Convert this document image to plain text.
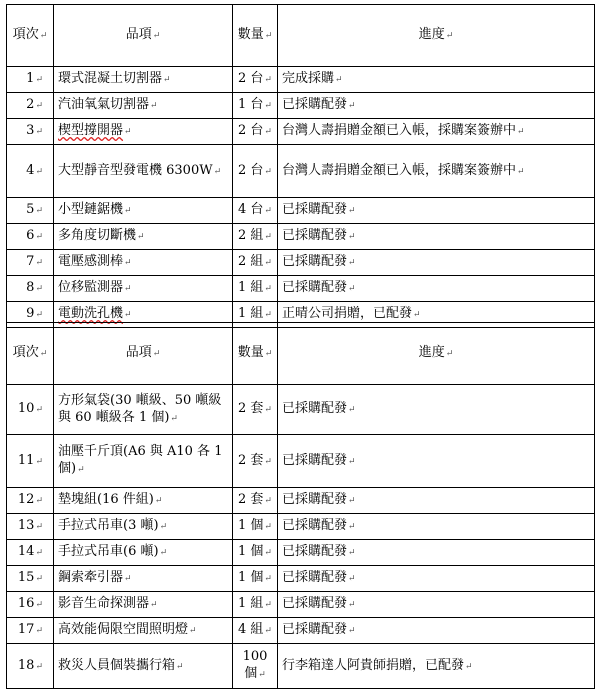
項次↵	品項↵	數量↵	進度↵
1↵	環式混凝土切割器↵	2 台↵	完成採購↵
2↵	汽油氧氣切割器↵	1 台↵	已採購配發↵
3↵	楔型撐開器↵	2 台↵	台灣人壽捐贈金額已入帳，採購案簽辦中↵
4↵	大型靜音型發電機 6300W↵	2 台↵	台灣人壽捐贈金額已入帳，採購案簽辦中↵
5↵	小型鏈鋸機↵	4 台↵	已採購配發↵
6↵	多角度切斷機↵	2 組↵	已採購配發↵
7↵	電壓感測棒↵	2 組↵	已採購配發↵
8↵	位移監測器↵	1 組↵	已採購配發↵
9↵	電動洗孔機↵	1 組↵	正晴公司捐贈，已配發↵
項次↵	品項↵	數量↵	進度↵
10↵	方形氣袋(30 噸級、50 噸級與 60 噸級各 1 個)↵	2 套↵	已採購配發↵
11↵	油壓千斤頂(A6 與 A10 各 1 個)↵	2 套↵	已採購配發↵
12↵	墊塊組(16 件組)↵	2 套↵	已採購配發↵
13↵	手拉式吊車(3 噸)↵	1 個↵	已採購配發↵
14↵	手拉式吊車(6 噸)↵	1 個↵	已採購配發↵
15↵	鋼索牽引器↵	1 個↵	已採購配發↵
16↵	影音生命探測器↵	1 組↵	已採購配發↵
17↵	高效能侷限空間照明燈↵	4 組↵	已採購配發↵
18↵	救災人員個裝攜行箱↵	100 個↵	行李箱達人阿貴師捐贈，已配發↵
